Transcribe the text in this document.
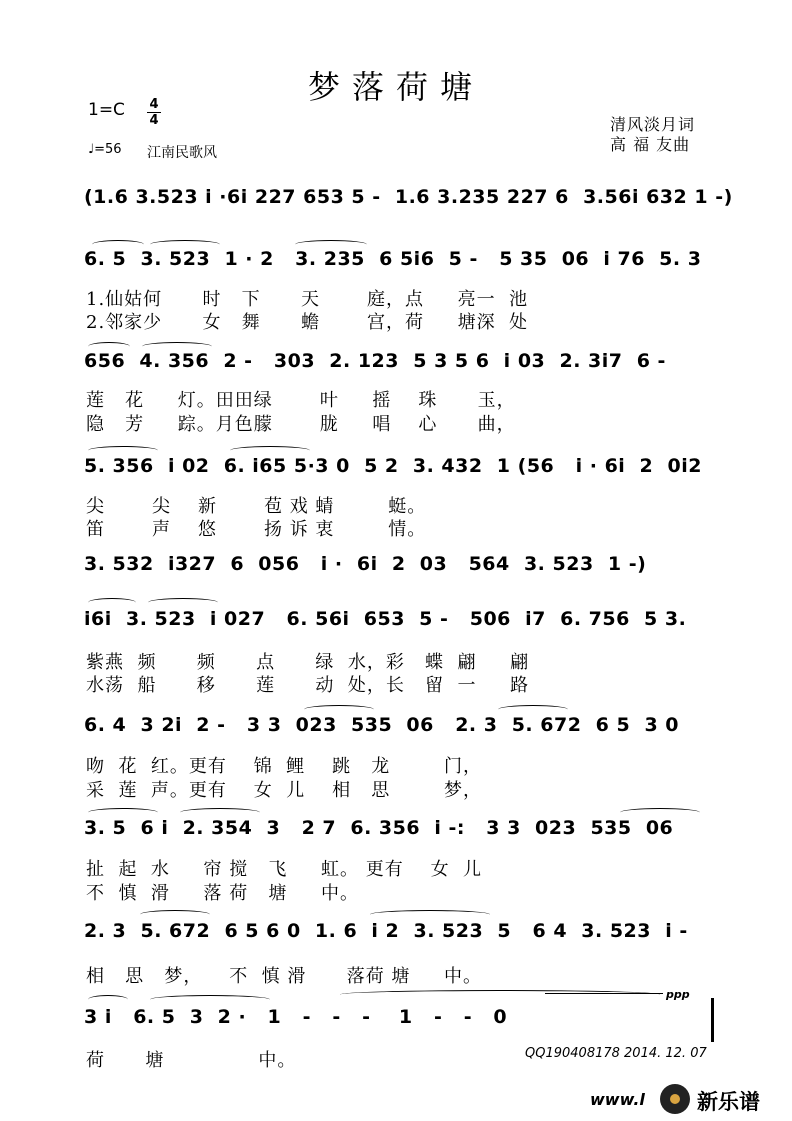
梦落荷塘
1=C 4
4
♩=56 江南民歌风
清风淡月词
高 福 友曲
(1.6 3.523 i ·6i 227 653 5 -  1.6 3.235 227 6  3.56i 632 1 -)
6. 5  3. 523  1 · 2   3. 235  6 5i6  5 -   5 35  06  i 76  5. 3
1.仙姑何      时   下      天       庭，点     亮一  池
2.邻家少      女   舞      蟾       宫，荷     塘深  处
656  4. 356  2 -   303  2. 123  5 3 5 6  i 03  2. 3i7  6 -
莲   花     灯。田田绿       叶     摇    珠      玉，
隐   芳     踪。月色朦       胧     唱    心      曲，
5. 356  i 02  6. i65 5·3 0  5 2  3. 432  1 (56   i · 6i  2  0i2
尖       尖    新       苞 戏 蜻        蜓。
笛       声    悠       扬 诉 衷        情。
3. 532  i327  6  056   i ·  6i  2  03   564  3. 523  1 -)
i6i  3. 523  i 027   6. 56i  653  5 -   506  i7  6. 756  5 3.
紫燕  频      频      点      绿  水，彩   蝶  翩     翩
水荡  船      移      莲      动  处，长   留  一     路
6. 4  3 2i  2 -   3 3  023  535  06   2. 3  5. 672  6 5  3 0
吻  花  红。更有    锦  鲤    跳   龙        门，
采  莲  声。更有    女  儿    相   思        梦，
3. 5  6 i  2. 354  3   2 7  6. 356  i -:   3 3  023  535  06
扯  起  水     帘 搅   飞     虹。 更有    女  儿
不  慎  滑     落 荷   塘     中。
2. 3  5. 672  6 5 6 0  1. 6  i 2  3. 523  5   6 4  3. 523  i -
相   思   梦，    不  慎 滑      落荷 塘     中。
ppp
3 i   6. 5  3  2 ·   1   -   -   -    1   -   -   0
荷      塘              中。	QQ190408178 2014. 12. 07
www.l 新乐谱
